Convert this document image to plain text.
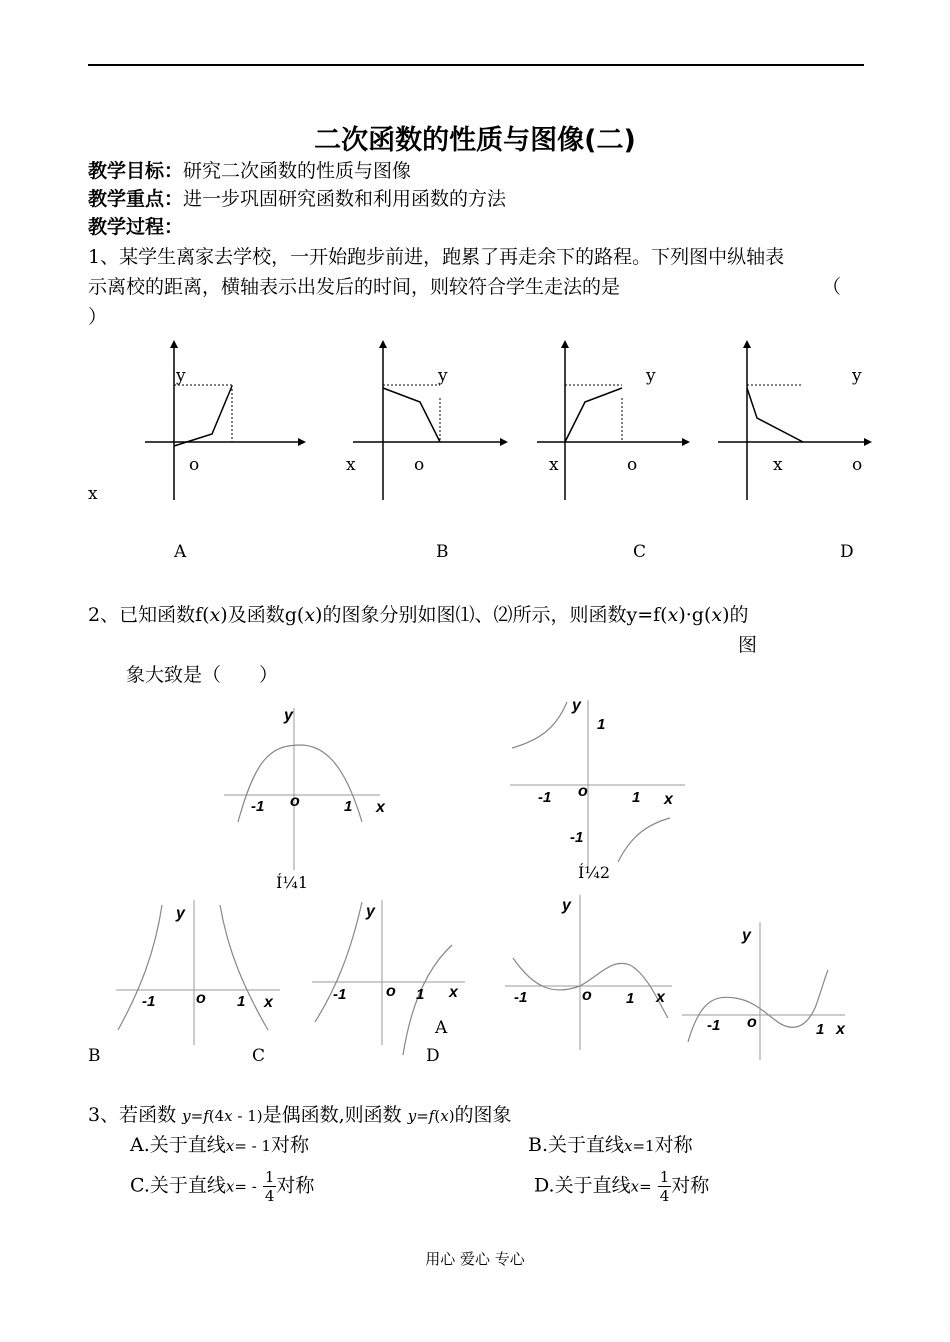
二次函数的性质与图像(二)
教学目标：研究二次函数的性质与图像
教学重点：进一步巩固研究函数和利用函数的方法
教学过程：
1、某学生离家去学校，一开始跑步前进，跑累了再走余下的路程。下列图中纵轴表
示离校的距离，横轴表示出发后的时间，则较符合学生走法的是	（
）
y
o
x
y
x	o
y
x	o
y
x	o
A	B	C	D
2、已知函数f(x)及函数g(x)的图象分别如图⑴、⑵所示，则函数y=f(x)·g(x)的
图
象大致是（　　）
y
-1 o	1 x
Í¼1
y
1
-1 o	1 x
-1
Í¼2
y
-1	o 1 x
y
-1 o 1 x
y
-1	o 1 x
y
-1 o	1 x
A
B	C	D
3、若函数 y=f(4x - 1)是偶函数,则函数 y=f(x)的图象
A.关于直线x= - 1对称	B.关于直线x=1对称
C.关于直线$x= - \frac{1}{4}$ 对称	D.关于直线$x= \frac{1}{4}$ 对称
用心 爱心 专心
